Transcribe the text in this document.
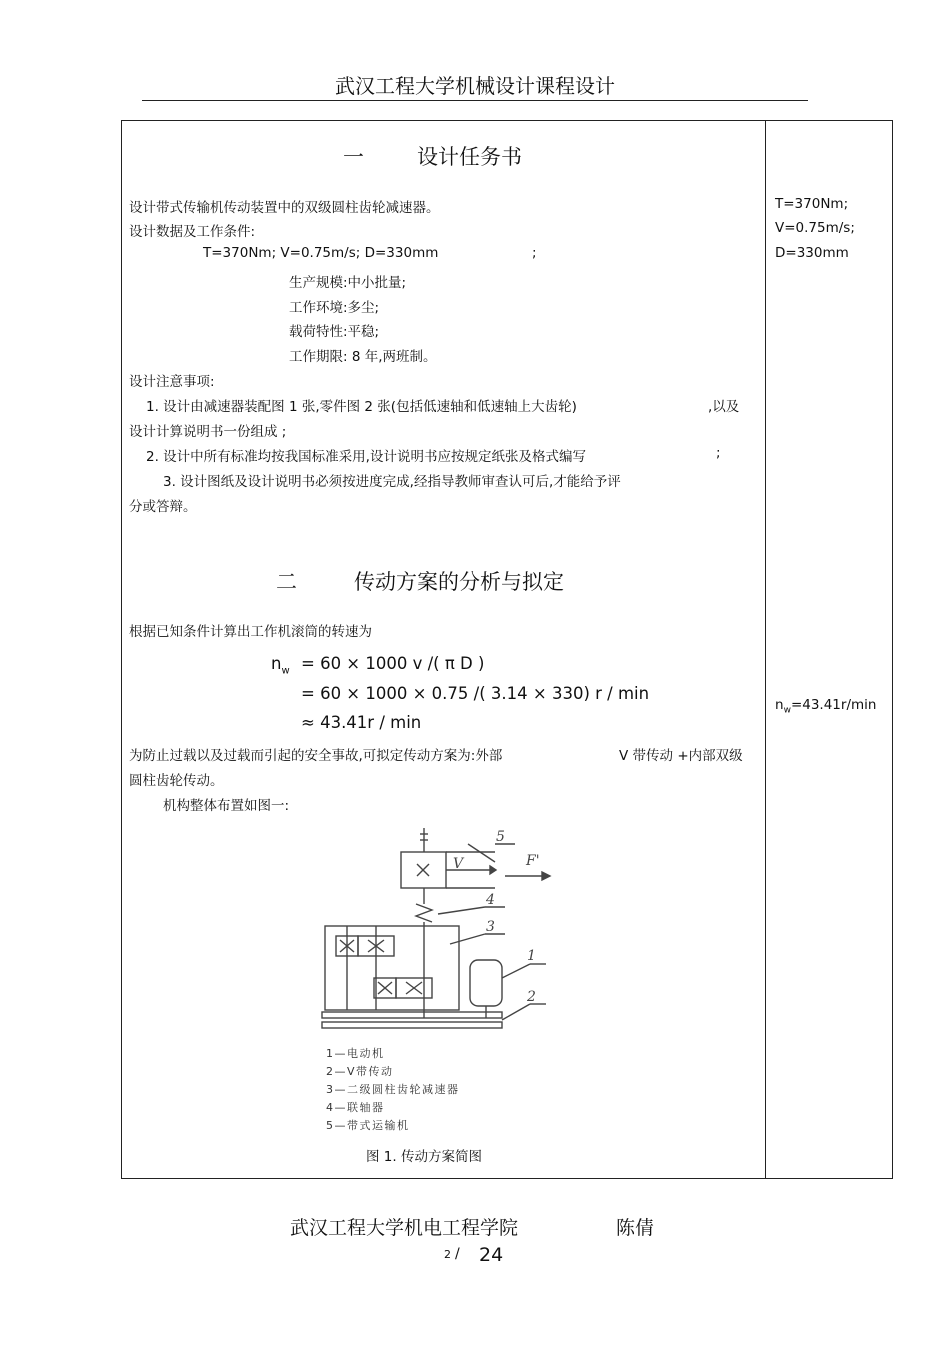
武汉工程大学机械设计课程设计
一	设计任务书
设计带式传输机传动装置中的双级圆柱齿轮减速器。
设计数据及工作条件:
T=370Nm; V=0.75m/s; D=330mm	;
生产规模:中小批量;
工作环境:多尘;
载荷特性:平稳;
工作期限: 8 年,两班制。
设计注意事项:
1. 设计由减速器装配图 1 张,零件图 2 张(包括低速轴和低速轴上大齿轮)	,以及
设计计算说明书一份组成 ;
2. 设计中所有标准均按我国标准采用,设计说明书应按规定纸张及格式编写	;
3. 设计图纸及设计说明书必须按进度完成,经指导教师审查认可后,才能给予评
分或答辩。
二	传动方案的分析与拟定
根据已知条件计算出工作机滚筒的转速为
$n_w = 60 \times 1000$ v /( π D )
= 60 × 1000 × 0.75 /( 3.14 × 330) r / min
≈ 43.41r / min
为防止过载以及过载而引起的安全事故,可拟定传动方案为:外部	V 带传动 +内部双级
圆柱齿轮传动。
机构整体布置如图一:
5
4
3
1
2
V	F'
1—电动机
2—V带传动
3—二级圆柱齿轮减速器
4—联轴器
5—带式运输机
图 1. 传动方案简图
T=370Nm;
V=0.75m/s;
D=330mm
$n_w=43.41r/\min$
武汉工程大学机电工程学院	陈倩
2 / 24
